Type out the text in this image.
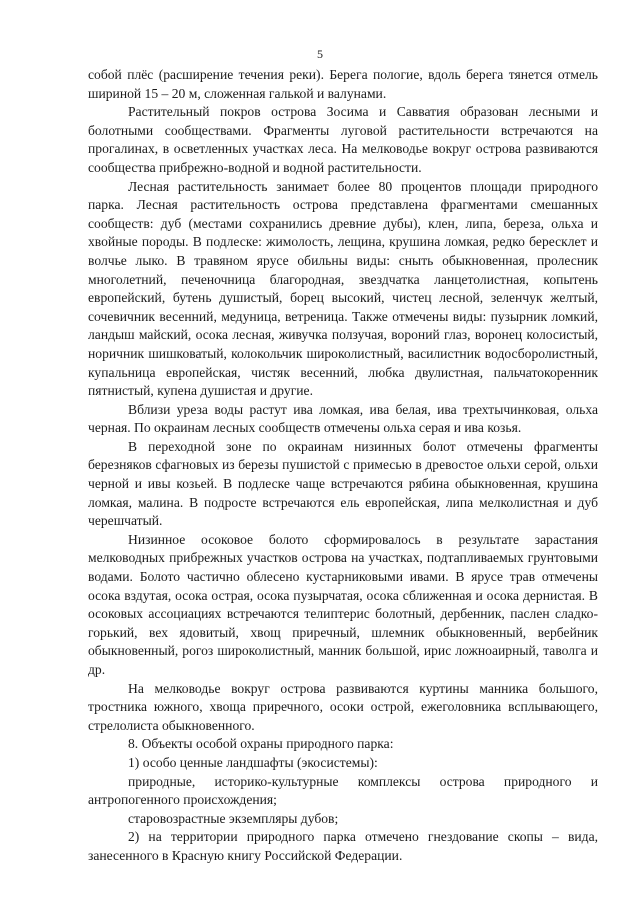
5

собой плёс (расширение течения реки). Берега пологие, вдоль берега тянется отмель шириной 15 – 20 м, сложенная галькой и валунами.

Растительный покров острова Зосима и Савватия образован лесными и болотными сообществами. Фрагменты луговой растительности встречаются на прогалинах, в осветленных участках леса. На мелководье вокруг острова развиваются сообщества прибрежно-водной и водной растительности.

Лесная растительность занимает более 80 процентов площади природного парка. Лесная растительность острова представлена фрагментами смешанных сообществ: дуб (местами сохранились древние дубы), клен, липа, береза, ольха и хвойные породы. В подлеске: жимолость, лещина, крушина ломкая, редко бересклет и волчье лыко. В травяном ярусе обильны виды: сныть обыкновенная, пролесник многолетний, печеночница благородная, звездчатка ланцетолистная, копытень европейский, бутень душистый, борец высокий, чистец лесной, зеленчук желтый, сочевичник весенний, медуница, ветреница. Также отмечены виды: пузырник ломкий, ландыш майский, осока лесная, живучка ползучая, вороний глаз, воронец колосистый, норичник шишковатый, колокольчик широколистный, василистник водосборолистный, купальница европейская, чистяк весенний, любка двулистная, пальчатокоренник пятнистый, купена душистая и другие.

Вблизи уреза воды растут ива ломкая, ива белая, ива трехтычинковая, ольха черная. По окраинам лесных сообществ отмечены ольха серая и ива козья.

В переходной зоне по окраинам низинных болот отмечены фрагменты березняков сфагновых из березы пушистой с примесью в древостое ольхи серой, ольхи черной и ивы козьей. В подлеске чаще встречаются рябина обыкновенная, крушина ломкая, малина. В подросте встречаются ель европейская, липа мелколистная и дуб черешчатый.

Низинное осоковое болото сформировалось в результате зарастания мелководных прибрежных участков острова на участках, подтапливаемых грунтовыми водами. Болото частично облесено кустарниковыми ивами. В ярусе трав отмечены осока вздутая, осока острая, осока пузырчатая, осока сближенная и осока дернистая. В осоковых ассоциациях встречаются телиптерис болотный, дербенник, паслен сладко-горький, вех ядовитый, хвощ приречный, шлемник обыкновенный, вербейник обыкновенный, рогоз широколистный, манник большой, ирис ложноаирный, таволга и др.

На мелководье вокруг острова развиваются куртины манника большого, тростника южного, хвоща приречного, осоки острой, ежеголовника всплывающего, стрелолиста обыкновенного.

8. Объекты особой охраны природного парка:

1) особо ценные ландшафты (экосистемы):

природные, историко-культурные комплексы острова природного и антропогенного происхождения;

старовозрастные экземпляры дубов;

2) на территории природного парка отмечено гнездование скопы – вида, занесенного в Красную книгу Российской Федерации.
